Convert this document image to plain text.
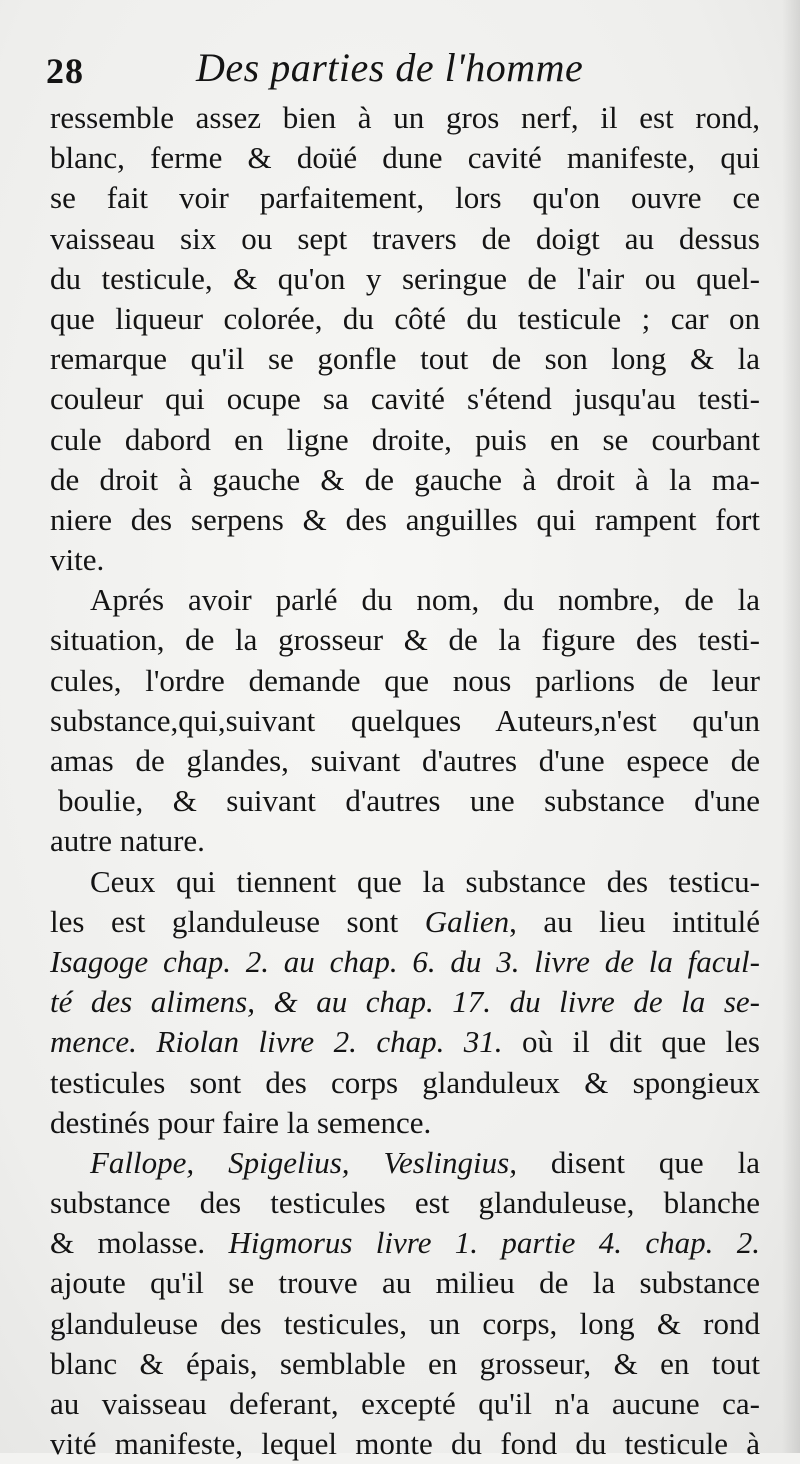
28	Des parties de l'homme
ressemble assez bien à un gros nerf, il est rond,
blanc, ferme & doüé dune cavité manifeste, qui
se fait voir parfaitement, lors qu'on ouvre ce
vaisseau six ou sept travers de doigt au dessus
du testicule, & qu'on y seringue de l'air ou quel-
que liqueur colorée, du côté du testicule ; car on
remarque qu'il se gonfle tout de son long & la
couleur qui ocupe sa cavité s'étend jusqu'au testi-
cule dabord en ligne droite, puis en se courbant
de droit à gauche & de gauche à droit à la ma-
niere des serpens & des anguilles qui rampent fort
vite.
Aprés avoir parlé du nom, du nombre, de la
situation, de la grosseur & de la figure des testi-
cules, l'ordre demande que nous parlions de leur
substance,qui,suivant quelques Auteurs,n'est qu'un
amas de glandes, suivant d'autres d'une espece de
boulie, & suivant d'autres une substance d'une
autre nature.
Ceux qui tiennent que la substance des testicu-
les est glanduleuse sont Galien, au lieu intitulé
Isagoge chap. 2. au chap. 6. du 3. livre de la facul-
té des alimens, & au chap. 17. du livre de la se-
mence. Riolan livre 2. chap. 31. où il dit que les
testicules sont des corps glanduleux & spongieux
destinés pour faire la semence.
Fallope, Spigelius, Veslingius, disent que la
substance des testicules est glanduleuse, blanche
& molasse. Higmorus livre 1. partie 4. chap. 2.
ajoute qu'il se trouve au milieu de la substance
glanduleuse des testicules, un corps, long & rond
blanc & épais, semblable en grosseur, & en tout
au vaisseau deferant, excepté qu'il n'a aucune ca-
vité manifeste, lequel monte du fond du testicule à
